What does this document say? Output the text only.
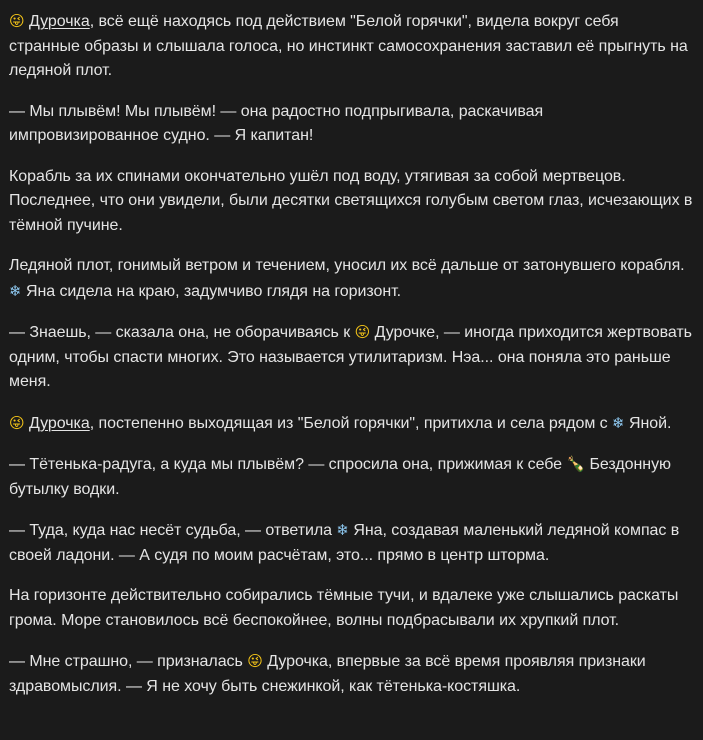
😜 Дурочка, всё ещё находясь под действием "Белой горячки", видела вокруг себя странные образы и слышала голоса, но инстинкт самосохранения заставил её прыгнуть на ледяной плот.

— Мы плывём! Мы плывём! — она радостно подпрыгивала, раскачивая импровизированное судно. — Я капитан!

Корабль за их спинами окончательно ушёл под воду, утягивая за собой мертвецов. Последнее, что они увидели, были десятки светящихся голубым светом глаз, исчезающих в тёмной пучине.

Ледяной плот, гонимый ветром и течением, уносил их всё дальше от затонувшего корабля. ❄ Яна сидела на краю, задумчиво глядя на горизонт.

— Знаешь, — сказала она, не оборачиваясь к 😜 Дурочке, — иногда приходится жертвовать одним, чтобы спасти многих. Это называется утилитаризм. Нэа... она поняла это раньше меня.

😜 Дурочка, постепенно выходящая из "Белой горячки", притихла и села рядом с ❄ Яной.

— Тётенька-радуга, а куда мы плывём? — спросила она, прижимая к себе 🍾 Бездонную бутылку водки.

— Туда, куда нас несёт судьба, — ответила ❄ Яна, создавая маленький ледяной компас в своей ладони. — А судя по моим расчётам, это... прямо в центр шторма.

На горизонте действительно собирались тёмные тучи, и вдалеке уже слышались раскаты грома. Море становилось всё беспокойнее, волны подбрасывали их хрупкий плот.

— Мне страшно, — призналась 😜 Дурочка, впервые за всё время проявляя признаки здравомыслия. — Я не хочу быть снежинкой, как тётенька-костяшка.
